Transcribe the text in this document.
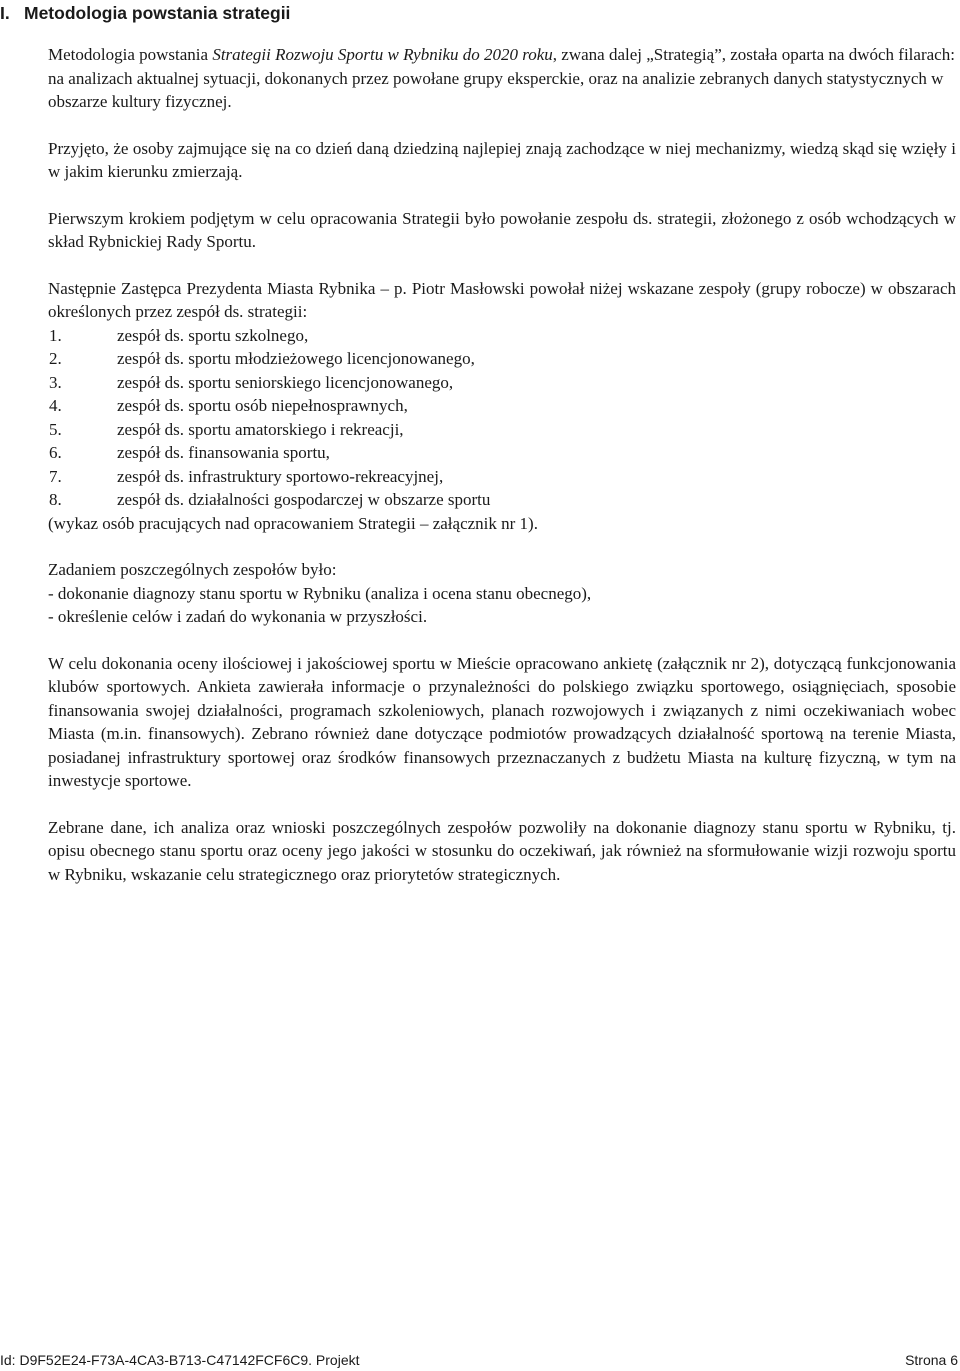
I. Metodologia powstania strategii

Metodologia powstania Strategii Rozwoju Sportu w Rybniku do 2020 roku, zwana dalej „Strategią”, została oparta na dwóch filarach: na analizach aktualnej sytuacji, dokonanych przez powołane grupy eksperckie, oraz na analizie zebranych danych statystycznych w obszarze kultury fizycznej.

Przyjęto, że osoby zajmujące się na co dzień daną dziedziną najlepiej znają zachodzące w niej mechanizmy, wiedzą skąd się wzięły i w jakim kierunku zmierzają.

Pierwszym krokiem podjętym w celu opracowania Strategii było powołanie zespołu ds. strategii, złożonego z osób wchodzących w skład Rybnickiej Rady Sportu.

Następnie Zastępca Prezydenta Miasta Rybnika – p. Piotr Masłowski powołał niżej wskazane zespoły (grupy robocze) w obszarach określonych przez zespół ds. strategii:

1.	zespół ds. sportu szkolnego,
2.	zespół ds. sportu młodzieżowego licencjonowanego,
3.	zespół ds. sportu seniorskiego licencjonowanego,
4.	zespół ds. sportu osób niepełnosprawnych,
5.	zespół ds. sportu amatorskiego i rekreacji,
6.	zespół ds. finansowania sportu,
7.	zespół ds. infrastruktury sportowo-rekreacyjnej,
8.	zespół ds. działalności gospodarczej w obszarze sportu
(wykaz osób pracujących nad opracowaniem Strategii – załącznik nr 1).
Zadaniem poszczególnych zespołów było:
- dokonanie diagnozy stanu sportu w Rybniku (analiza i ocena stanu obecnego),
- określenie celów i zadań do wykonania w przyszłości.

W celu dokonania oceny ilościowej i jakościowej sportu w Mieście opracowano ankietę (załącznik nr 2), dotyczącą funkcjonowania klubów sportowych. Ankieta zawierała informacje o przynależności do polskiego związku sportowego, osiągnięciach, sposobie finansowania swojej działalności, programach szkoleniowych, planach rozwojowych i związanych z nimi oczekiwaniach wobec Miasta (m.in. finansowych). Zebrano również dane dotyczące podmiotów prowadzących działalność sportową na terenie Miasta, posiadanej infrastruktury sportowej oraz środków finansowych przeznaczanych z budżetu Miasta na kulturę fizyczną, w tym na inwestycje sportowe.

Zebrane dane, ich analiza oraz wnioski poszczególnych zespołów pozwoliły na dokonanie diagnozy stanu sportu w Rybniku, tj. opisu obecnego stanu sportu oraz oceny jego jakości w stosunku do oczekiwań, jak również na sformułowanie wizji rozwoju sportu w Rybniku, wskazanie celu strategicznego oraz priorytetów strategicznych.

Id: D9F52E24-F73A-4CA3-B713-C47142FCF6C9. Projekt	Strona 6
